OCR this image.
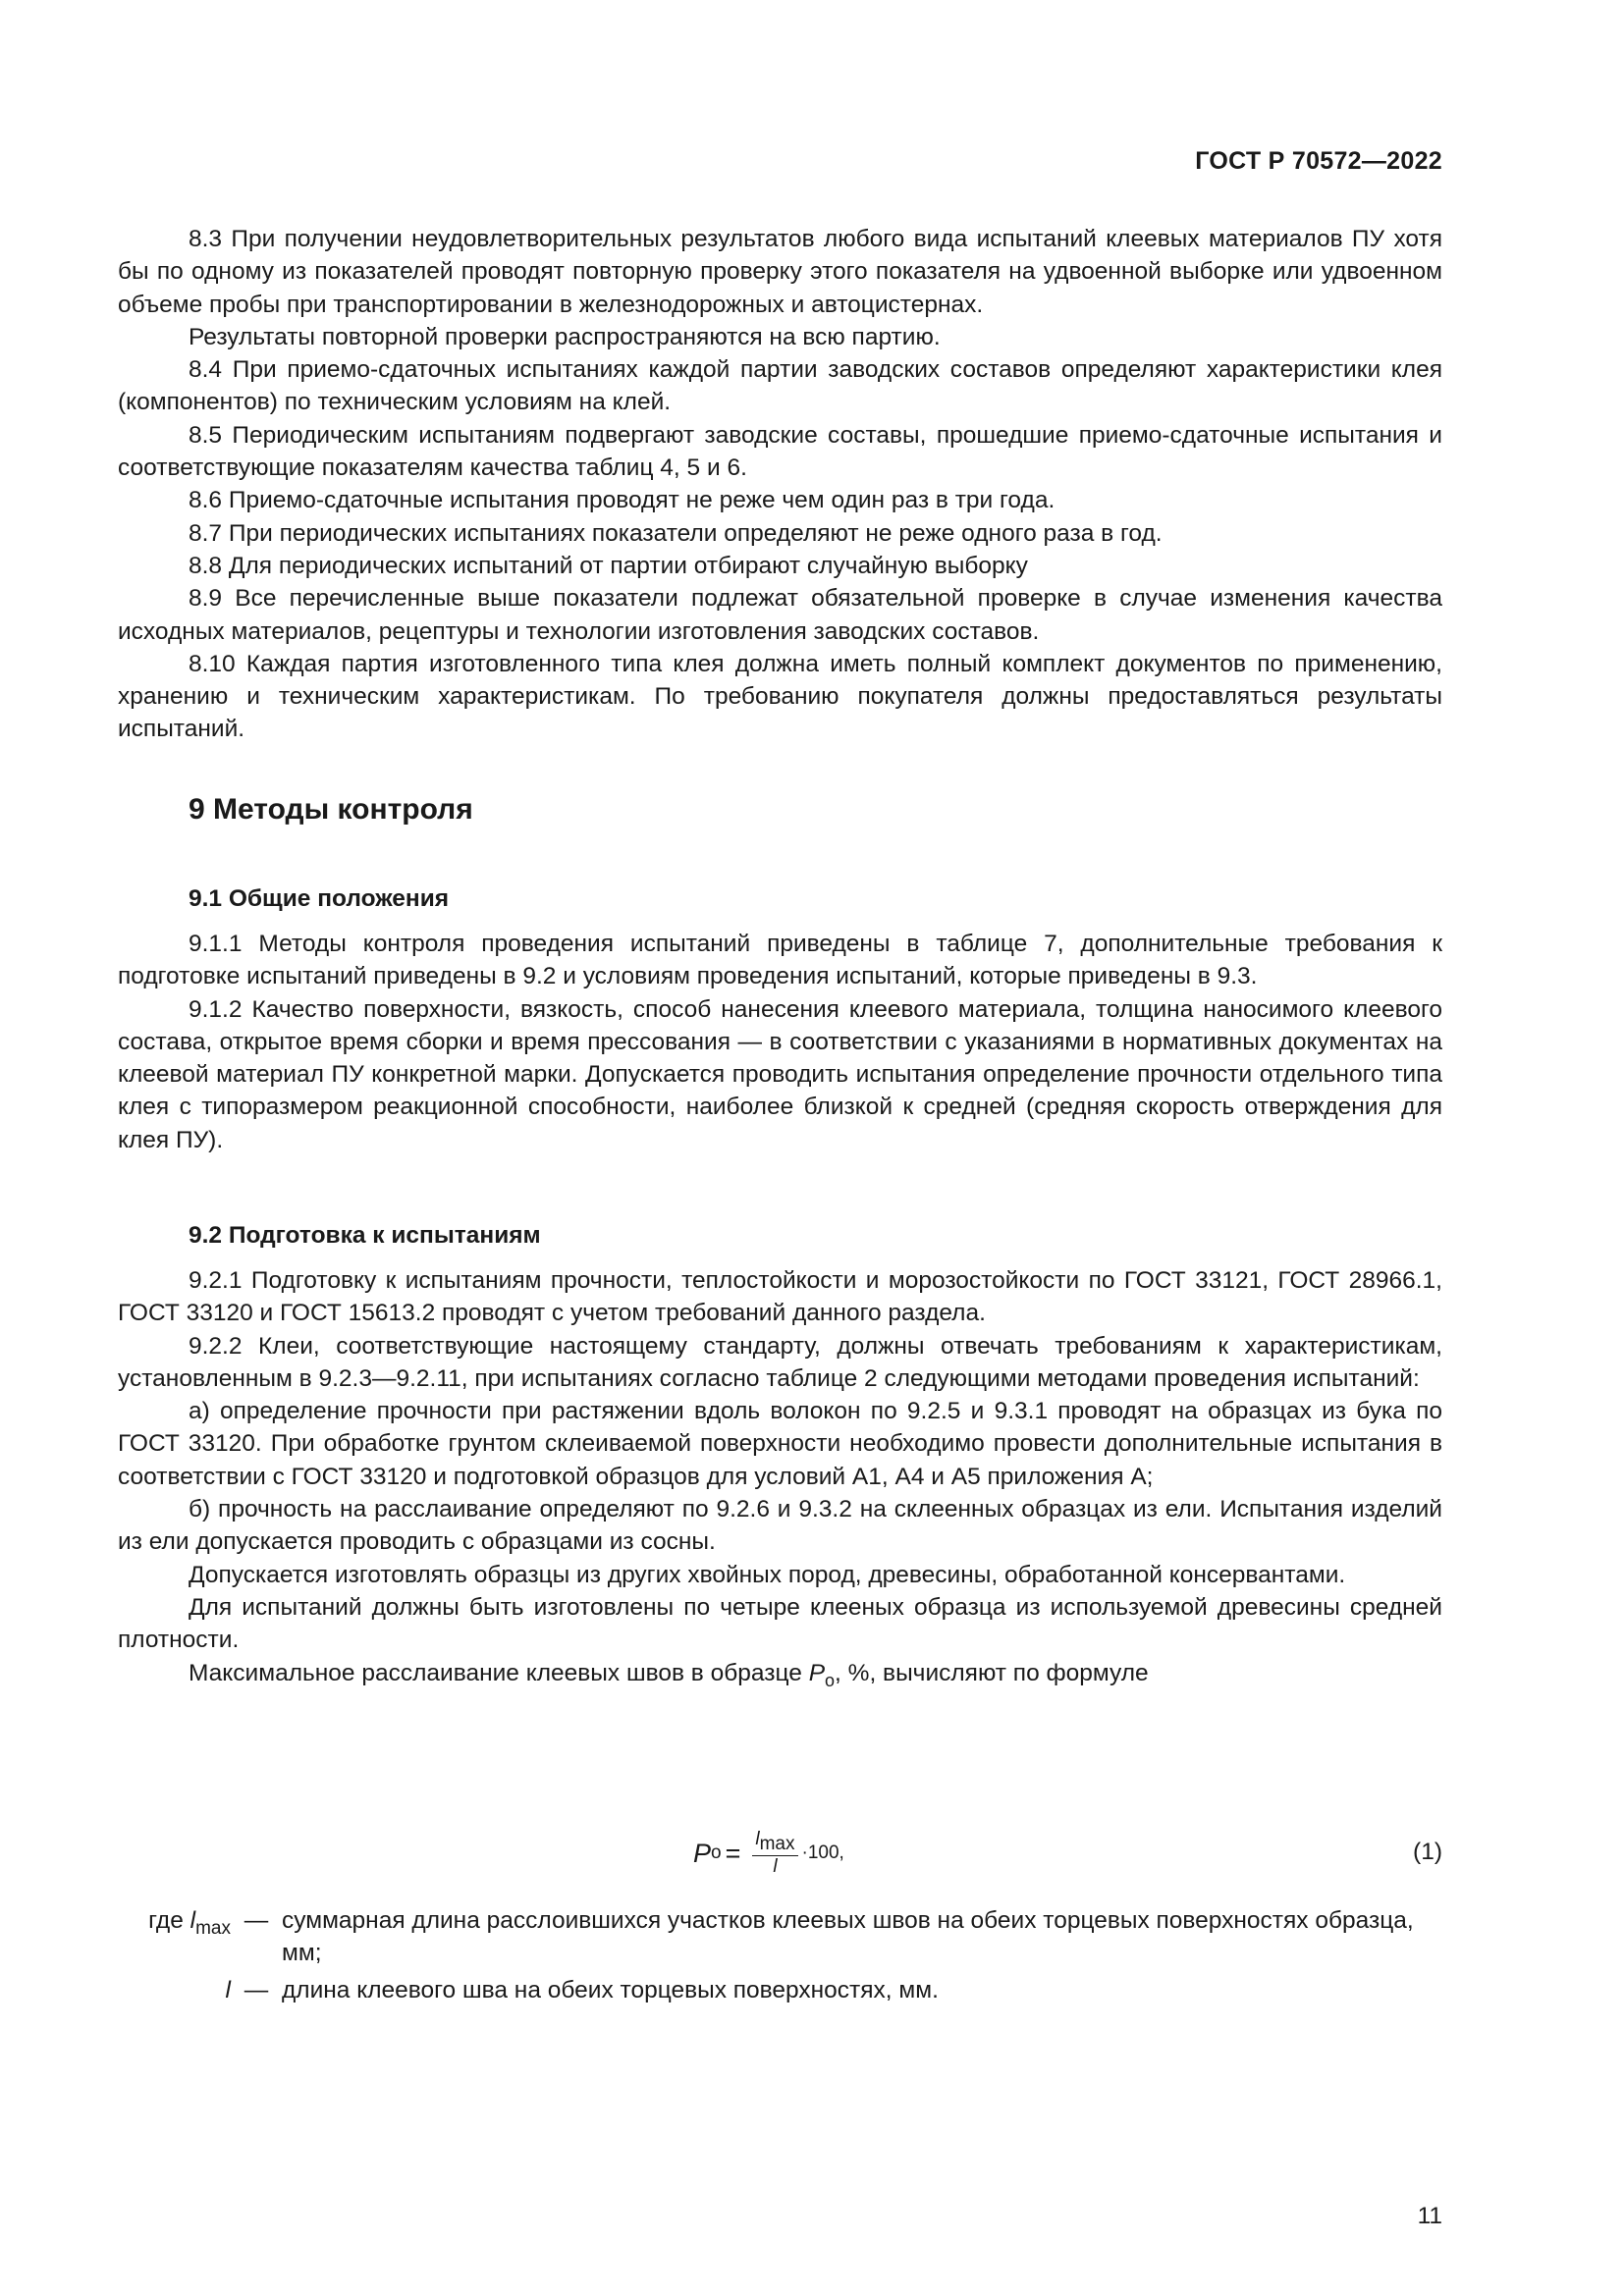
ГОСТ Р 70572—2022

8.3 При получении неудовлетворительных результатов любого вида испытаний клеевых материалов ПУ хотя бы по одному из показателей проводят повторную проверку этого показателя на удвоенной выборке или удвоенном объеме пробы при транспортировании в железнодорожных и автоцистернах.

Результаты повторной проверки распространяются на всю партию.

8.4 При приемо-сдаточных испытаниях каждой партии заводских составов определяют характеристики клея (компонентов) по техническим условиям на клей.

8.5 Периодическим испытаниям подвергают заводские составы, прошедшие приемо-сдаточные испытания и соответствующие показателям качества таблиц 4, 5 и 6.

8.6 Приемо-сдаточные испытания проводят не реже чем один раз в три года.

8.7 При периодических испытаниях показатели определяют не реже одного раза в год.

8.8 Для периодических испытаний от партии отбирают случайную выборку

8.9 Все перечисленные выше показатели подлежат обязательной проверке в случае изменения качества исходных материалов, рецептуры и технологии изготовления заводских составов.

8.10 Каждая партия изготовленного типа клея должна иметь полный комплект документов по применению, хранению и техническим характеристикам. По требованию покупателя должны предоставляться результаты испытаний.

9 Методы контроля
9.1 Общие положения

9.1.1 Методы контроля проведения испытаний приведены в таблице 7, дополнительные требования к подготовке испытаний приведены в 9.2 и условиям проведения испытаний, которые приведены в 9.3.

9.1.2 Качество поверхности, вязкость, способ нанесения клеевого материала, толщина наносимого клеевого состава, открытое время сборки и время прессования — в соответствии с указаниями в нормативных документах на клеевой материал ПУ конкретной марки. Допускается проводить испытания определение прочности отдельного типа клея с типоразмером реакционной способности, наиболее близкой к средней (средняя скорость отверждения для клея ПУ).

9.2 Подготовка к испытаниям

9.2.1 Подготовку к испытаниям прочности, теплостойкости и морозостойкости по ГОСТ 33121, ГОСТ 28966.1, ГОСТ 33120 и ГОСТ 15613.2 проводят с учетом требований данного раздела.

9.2.2 Клеи, соответствующие настоящему стандарту, должны отвечать требованиям к характеристикам, установленным в 9.2.3—9.2.11, при испытаниях согласно таблице 2 следующими методами проведения испытаний:

а) определение прочности при растяжении вдоль волокон по 9.2.5 и 9.3.1 проводят на образцах из бука по ГОСТ 33120. При обработке грунтом склеиваемой поверхности необходимо провести дополнительные испытания в соответствии с ГОСТ 33120 и подготовкой образцов для условий А1, А4 и А5 приложения А;

б) прочность на расслаивание определяют по 9.2.6 и 9.3.2 на склеенных образцах из ели. Испытания изделий из ели допускается проводить с образцами из сосны.

Допускается изготовлять образцы из других хвойных пород, древесины, обработанной консервантами.

Для испытаний должны быть изготовлены по четыре клееных образца из используемой древесины средней плотности.

Максимальное расслаивание клеевых швов в образце $P_о$, %, вычисляют по формуле

P $о = \frac{l_{max}}{l} \cdot 100$,	(1)
где $l_{max}$ — суммарная длина расслоившихся участков клеевых швов на обеих торцевых поверхностях образца, мм;
l — длина клеевого шва на обеих торцевых поверхностях, мм.
11
